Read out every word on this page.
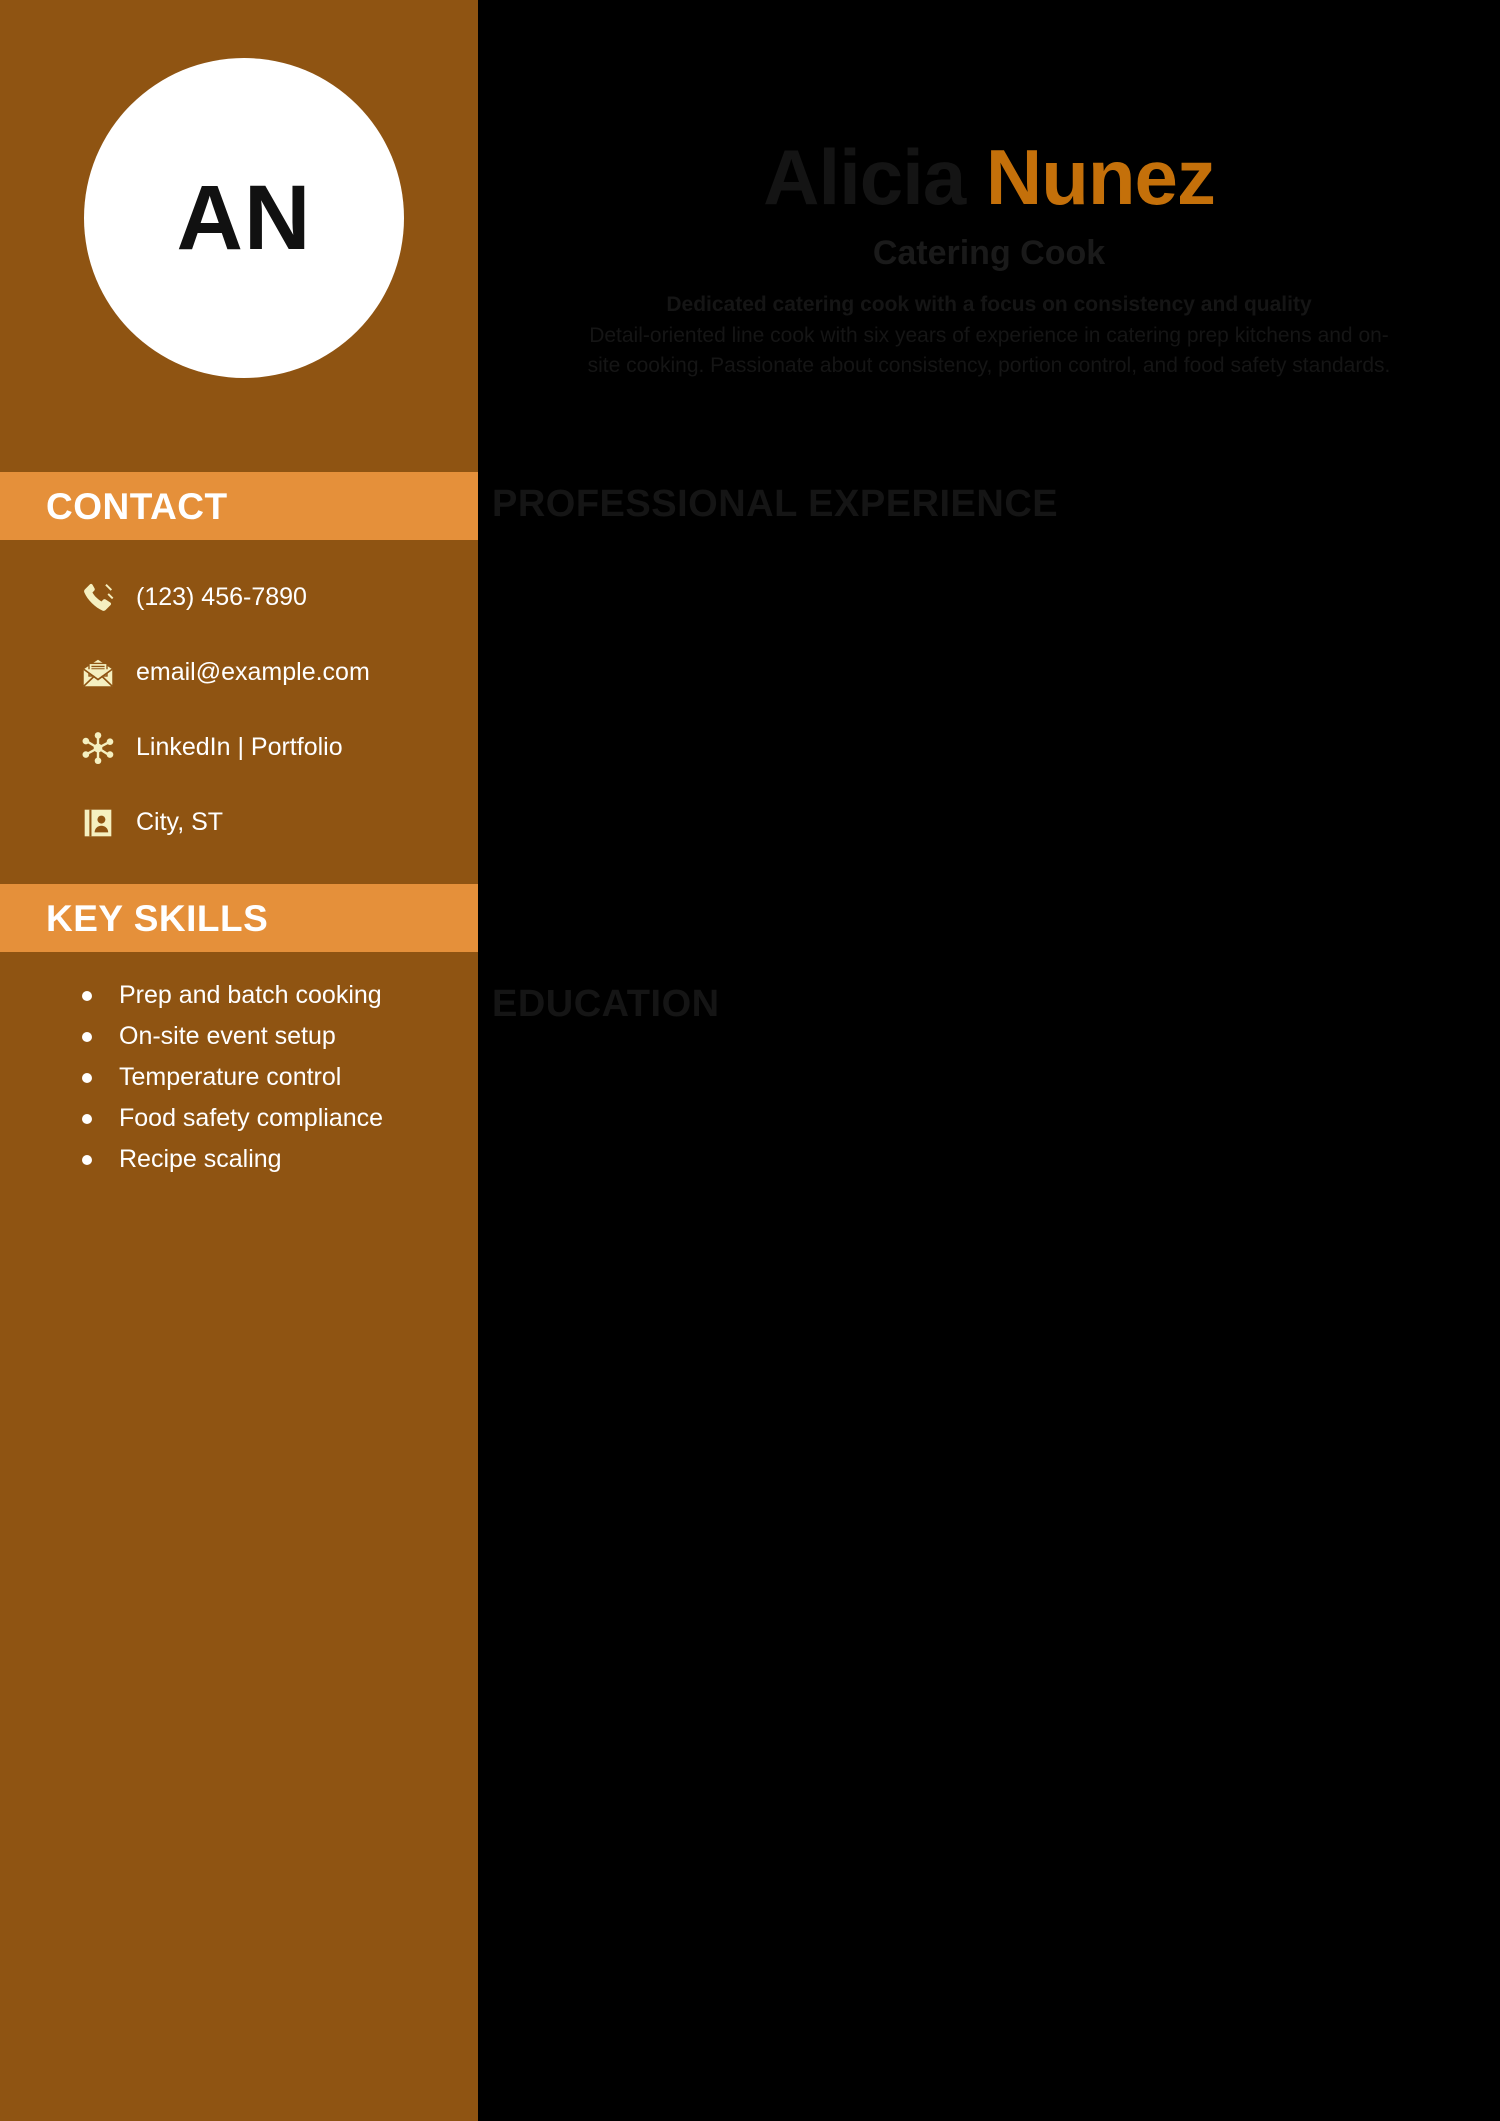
AN
CONTACT
(123) 456-7890
email@example.com
LinkedIn | Portfolio
City, ST
KEY SKILLS
Prep and batch cooking
On-site event setup
Temperature control
Food safety compliance
Recipe scaling
Alicia Nunez
Catering Cook
Dedicated catering cook with a focus on consistency and quality
Detail-oriented line cook with six years of experience in catering prep kitchens and on-site cooking. Passionate about consistency, portion control, and food safety standards.
PROFESSIONAL EXPERIENCE
EDUCATION
